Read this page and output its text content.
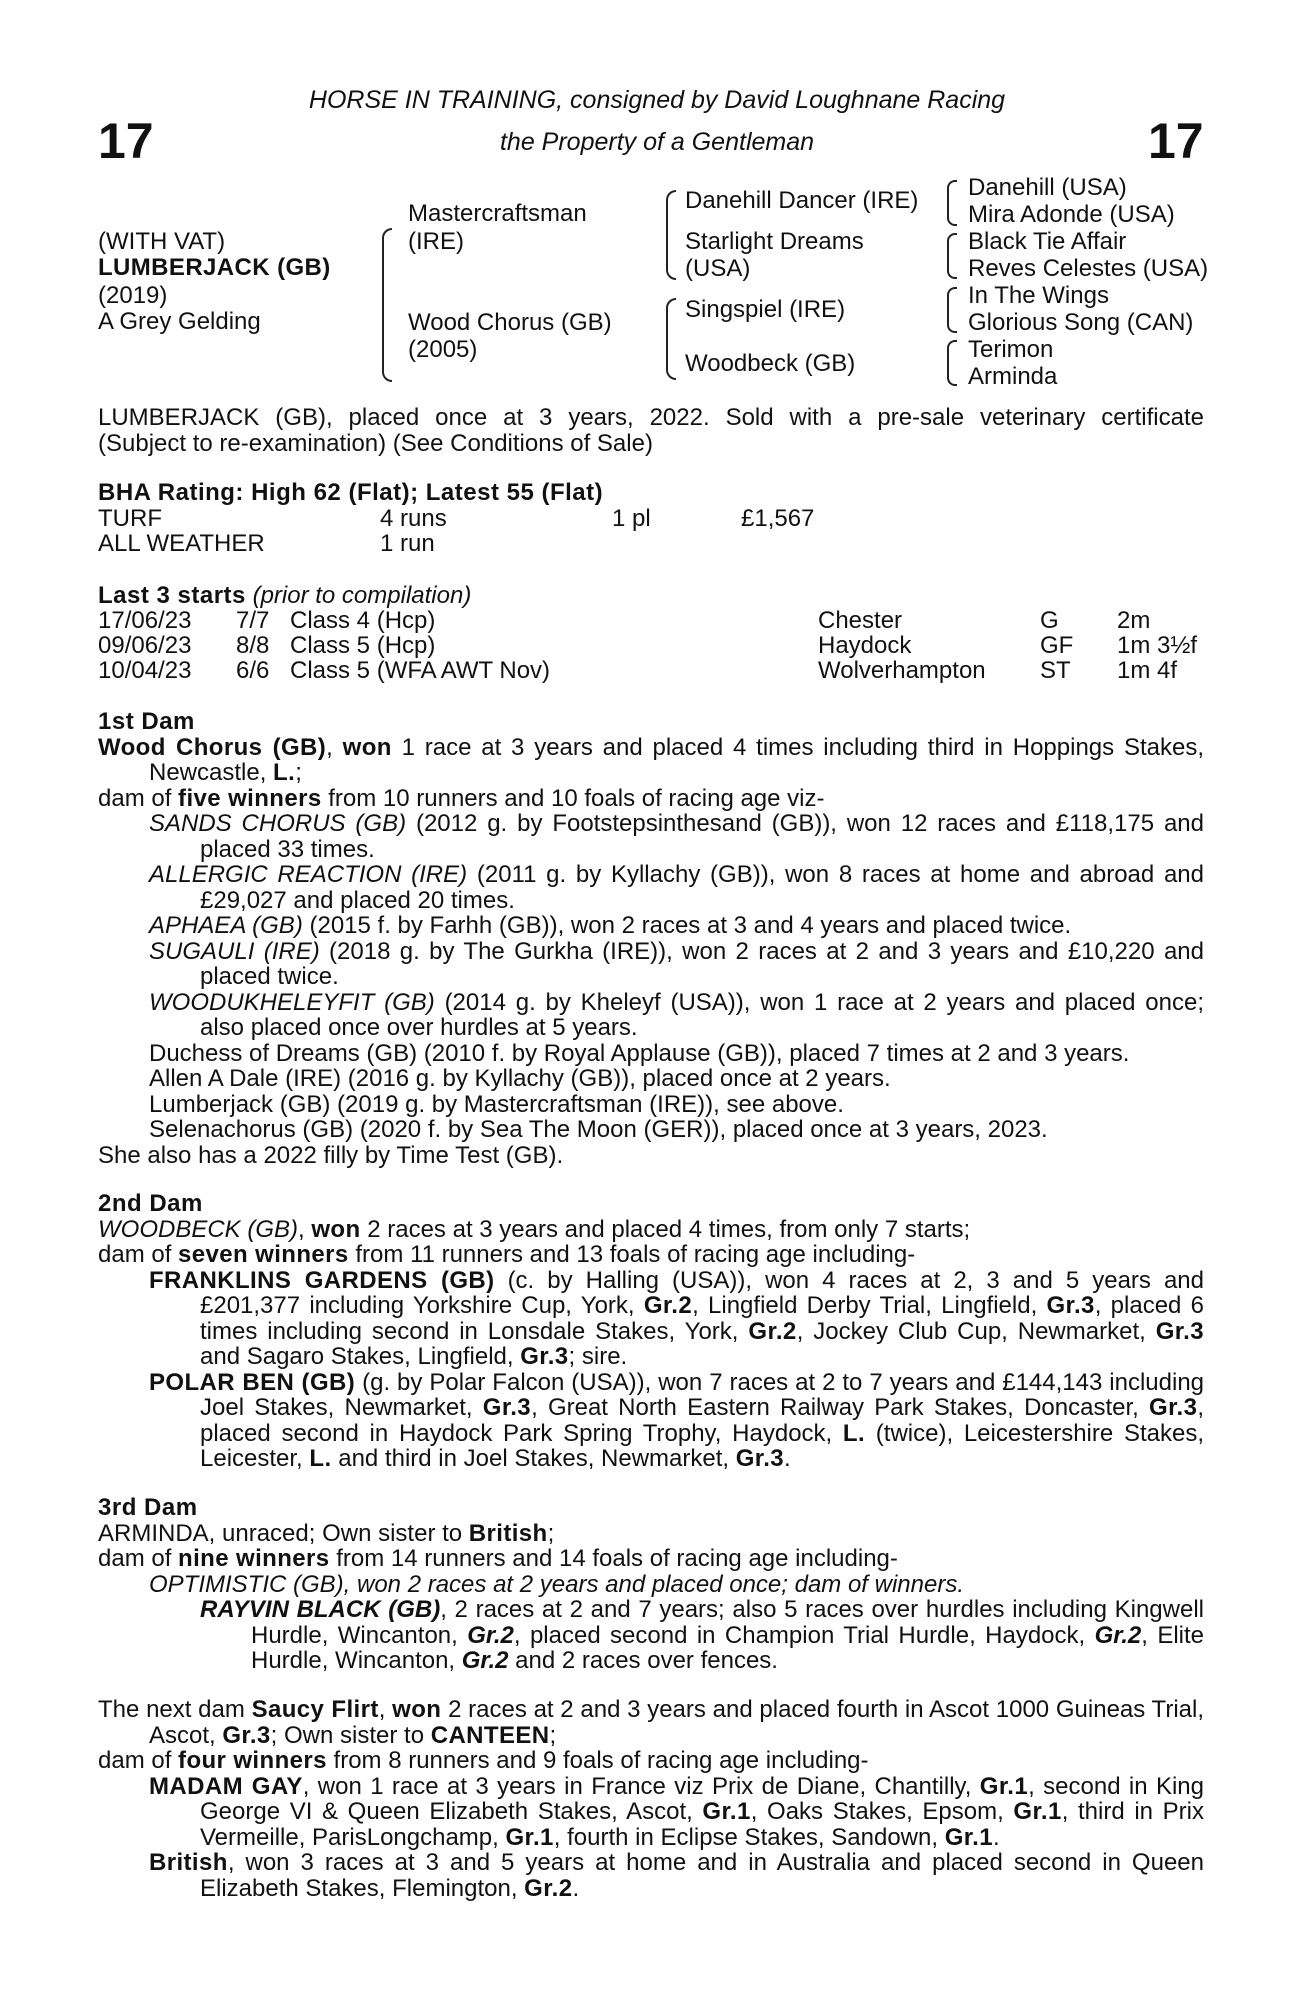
17	17
HORSE IN TRAINING, consigned by David Loughnane Racing
the Property of a Gentleman
(WITH VAT)
LUMBERJACK (GB)
(2019)
A Grey Gelding
Mastercraftsman
(IRE)
Wood Chorus (GB)
(2005)
Danehill Dancer (IRE)
Starlight Dreams
(USA)
Singspiel (IRE)
Woodbeck (GB)
Danehill (USA)
Mira Adonde (USA)
Black Tie Affair
Reves Celestes (USA)
In The Wings
Glorious Song (CAN)
Terimon
Arminda

LUMBERJACK (GB), placed once at 3 years, 2022. Sold with a pre-sale veterinary certificate

(Subject to re-examination) (See Conditions of Sale)

BHA Rating: High 62 (Flat); Latest 55 (Flat)
TURF	4 runs	1 pl	£1,567
ALL WEATHER	1 run
Last 3 starts (prior to compilation)
17/06/23 7/7 Class 4 (Hcp)	Chester	G 2m
09/06/23 8/8 Class 5 (Hcp)	Haydock	GF 1m 3½f
10/04/23 6/6 Class 5 (WFA AWT Nov)	Wolverhampton ST 1m 4f

1st Dam

Wood Chorus (GB), won 1 race at 3 years and placed 4 times including third in Hoppings Stakes, Newcastle, L.;

dam of five winners from 10 runners and 10 foals of racing age viz-

SANDS CHORUS (GB) (2012 g. by Footstepsinthesand (GB)), won 12 races and £118,175 and placed 33 times.

ALLERGIC REACTION (IRE) (2011 g. by Kyllachy (GB)), won 8 races at home and abroad and £29,027 and placed 20 times.

APHAEA (GB) (2015 f. by Farhh (GB)), won 2 races at 3 and 4 years and placed twice.

SUGAULI (IRE) (2018 g. by The Gurkha (IRE)), won 2 races at 2 and 3 years and £10,220 and placed twice.

WOODUKHELEYFIT (GB) (2014 g. by Kheleyf (USA)), won 1 race at 2 years and placed once; also placed once over hurdles at 5 years.

Duchess of Dreams (GB) (2010 f. by Royal Applause (GB)), placed 7 times at 2 and 3 years.

Allen A Dale (IRE) (2016 g. by Kyllachy (GB)), placed once at 2 years.

Lumberjack (GB) (2019 g. by Mastercraftsman (IRE)), see above.

Selenachorus (GB) (2020 f. by Sea The Moon (GER)), placed once at 3 years, 2023.

She also has a 2022 filly by Time Test (GB).

2nd Dam

WOODBECK (GB), won 2 races at 3 years and placed 4 times, from only 7 starts;

dam of seven winners from 11 runners and 13 foals of racing age including-

FRANKLINS GARDENS (GB) (c. by Halling (USA)), won 4 races at 2, 3 and 5 years and £201,377 including Yorkshire Cup, York, Gr.2, Lingfield Derby Trial, Lingfield, Gr.3, placed 6 times including second in Lonsdale Stakes, York, Gr.2, Jockey Club Cup, Newmarket, Gr.3 and Sagaro Stakes, Lingfield, Gr.3; sire.

POLAR BEN (GB) (g. by Polar Falcon (USA)), won 7 races at 2 to 7 years and £144,143 including Joel Stakes, Newmarket, Gr.3, Great North Eastern Railway Park Stakes, Doncaster, Gr.3, placed second in Haydock Park Spring Trophy, Haydock, L. (twice), Leicestershire Stakes, Leicester, L. and third in Joel Stakes, Newmarket, Gr.3.

3rd Dam

ARMINDA, unraced; Own sister to British;

dam of nine winners from 14 runners and 14 foals of racing age including-

OPTIMISTIC (GB), won 2 races at 2 years and placed once; dam of winners.

RAYVIN BLACK (GB), 2 races at 2 and 7 years; also 5 races over hurdles including Kingwell Hurdle, Wincanton, Gr.2, placed second in Champion Trial Hurdle, Haydock, Gr.2, Elite Hurdle, Wincanton, Gr.2 and 2 races over fences.

The next dam Saucy Flirt, won 2 races at 2 and 3 years and placed fourth in Ascot 1000 Guineas Trial, Ascot, Gr.3; Own sister to CANTEEN;

dam of four winners from 8 runners and 9 foals of racing age including-

MADAM GAY, won 1 race at 3 years in France viz Prix de Diane, Chantilly, Gr.1, second in King George VI & Queen Elizabeth Stakes, Ascot, Gr.1, Oaks Stakes, Epsom, Gr.1, third in Prix Vermeille, ParisLongchamp, Gr.1, fourth in Eclipse Stakes, Sandown, Gr.1.

British, won 3 races at 3 and 5 years at home and in Australia and placed second in Queen Elizabeth Stakes, Flemington, Gr.2.
